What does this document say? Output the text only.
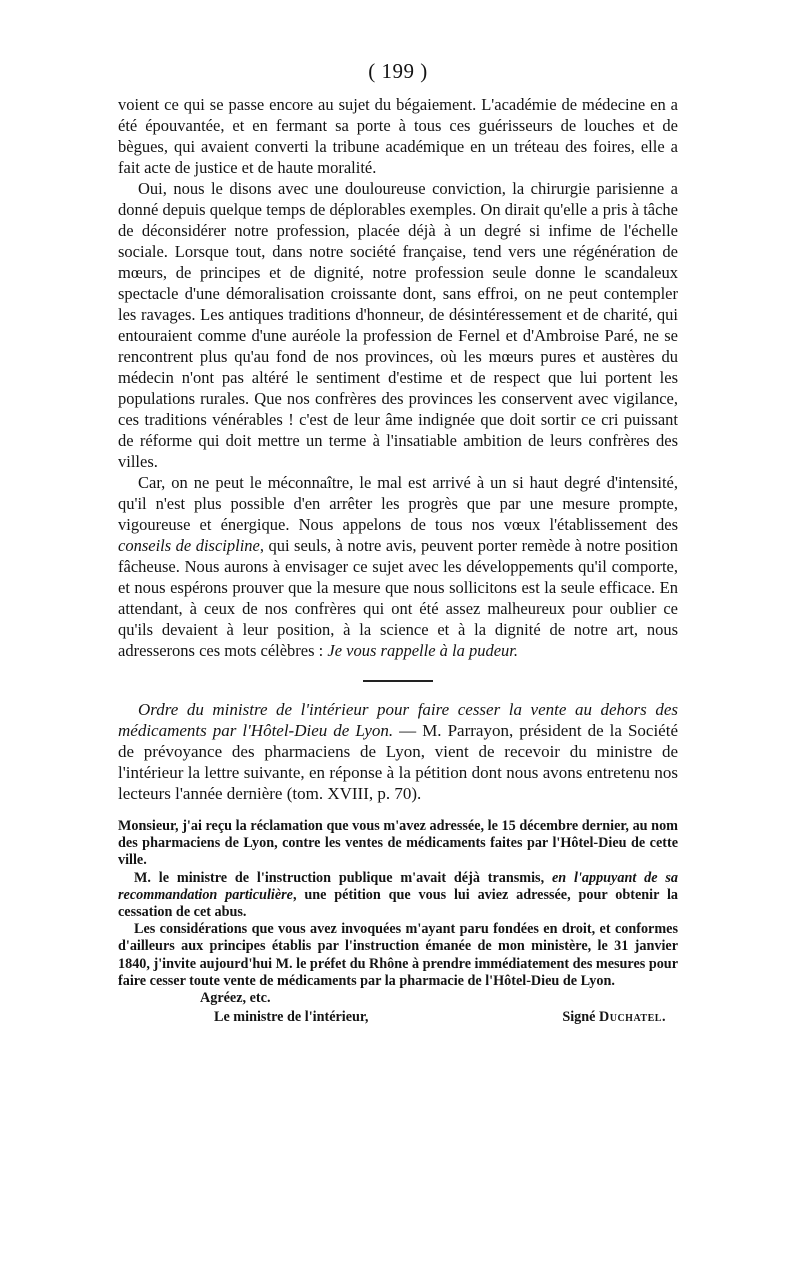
( 199 )

voient ce qui se passe encore au sujet du bégaiement. L'académie de médecine en a été épouvantée, et en fermant sa porte à tous ces guérisseurs de louches et de bègues, qui avaient converti la tribune académique en un tréteau des foires, elle a fait acte de justice et de haute moralité.

Oui, nous le disons avec une douloureuse conviction, la chirurgie parisienne a donné depuis quelque temps de déplorables exemples. On dirait qu'elle a pris à tâche de déconsidérer notre profession, placée déjà à un degré si infime de l'échelle sociale. Lorsque tout, dans notre société française, tend vers une régénération de mœurs, de principes et de dignité, notre profession seule donne le scandaleux spectacle d'une démoralisation croissante dont, sans effroi, on ne peut contempler les ravages. Les antiques traditions d'honneur, de désintéressement et de charité, qui entouraient comme d'une auréole la profession de Fernel et d'Ambroise Paré, ne se rencontrent plus qu'au fond de nos provinces, où les mœurs pures et austères du médecin n'ont pas altéré le sentiment d'estime et de respect que lui portent les populations rurales. Que nos confrères des provinces les conservent avec vigilance, ces traditions vénérables ! c'est de leur âme indignée que doit sortir ce cri puissant de réforme qui doit mettre un terme à l'insatiable ambition de leurs confrères des villes.

Car, on ne peut le méconnaître, le mal est arrivé à un si haut degré d'intensité, qu'il n'est plus possible d'en arrêter les progrès que par une mesure prompte, vigoureuse et énergique. Nous appelons de tous nos vœux l'établissement des conseils de discipline, qui seuls, à notre avis, peuvent porter remède à notre position fâcheuse. Nous aurons à envisager ce sujet avec les développements qu'il comporte, et nous espérons prouver que la mesure que nous sollicitons est la seule efficace. En attendant, à ceux de nos confrères qui ont été assez malheureux pour oublier ce qu'ils devaient à leur position, à la science et à la dignité de notre art, nous adresserons ces mots célèbres : Je vous rappelle à la pudeur.

Ordre du ministre de l'intérieur pour faire cesser la vente au dehors des médicaments par l'Hôtel-Dieu de Lyon. — M. Parrayon, président de la Société de prévoyance des pharmaciens de Lyon, vient de recevoir du ministre de l'intérieur la lettre suivante, en réponse à la pétition dont nous avons entretenu nos lecteurs l'année dernière (tom. XVIII, p. 70).

Monsieur, j'ai reçu la réclamation que vous m'avez adressée, le 15 décembre dernier, au nom des pharmaciens de Lyon, contre les ventes de médicaments faites par l'Hôtel-Dieu de cette ville.

M. le ministre de l'instruction publique m'avait déjà transmis, en l'appuyant de sa recommandation particulière, une pétition que vous lui aviez adressée, pour obtenir la cessation de cet abus.

Les considérations que vous avez invoquées m'ayant paru fondées en droit, et conformes d'ailleurs aux principes établis par l'instruction émanée de mon ministère, le 31 janvier 1840, j'invite aujourd'hui M. le préfet du Rhône à prendre immédiatement des mesures pour faire cesser toute vente de médicaments par la pharmacie de l'Hôtel-Dieu de Lyon.

Agréez, etc.
Le ministre de l'intérieur,	Signé Duchatel.
